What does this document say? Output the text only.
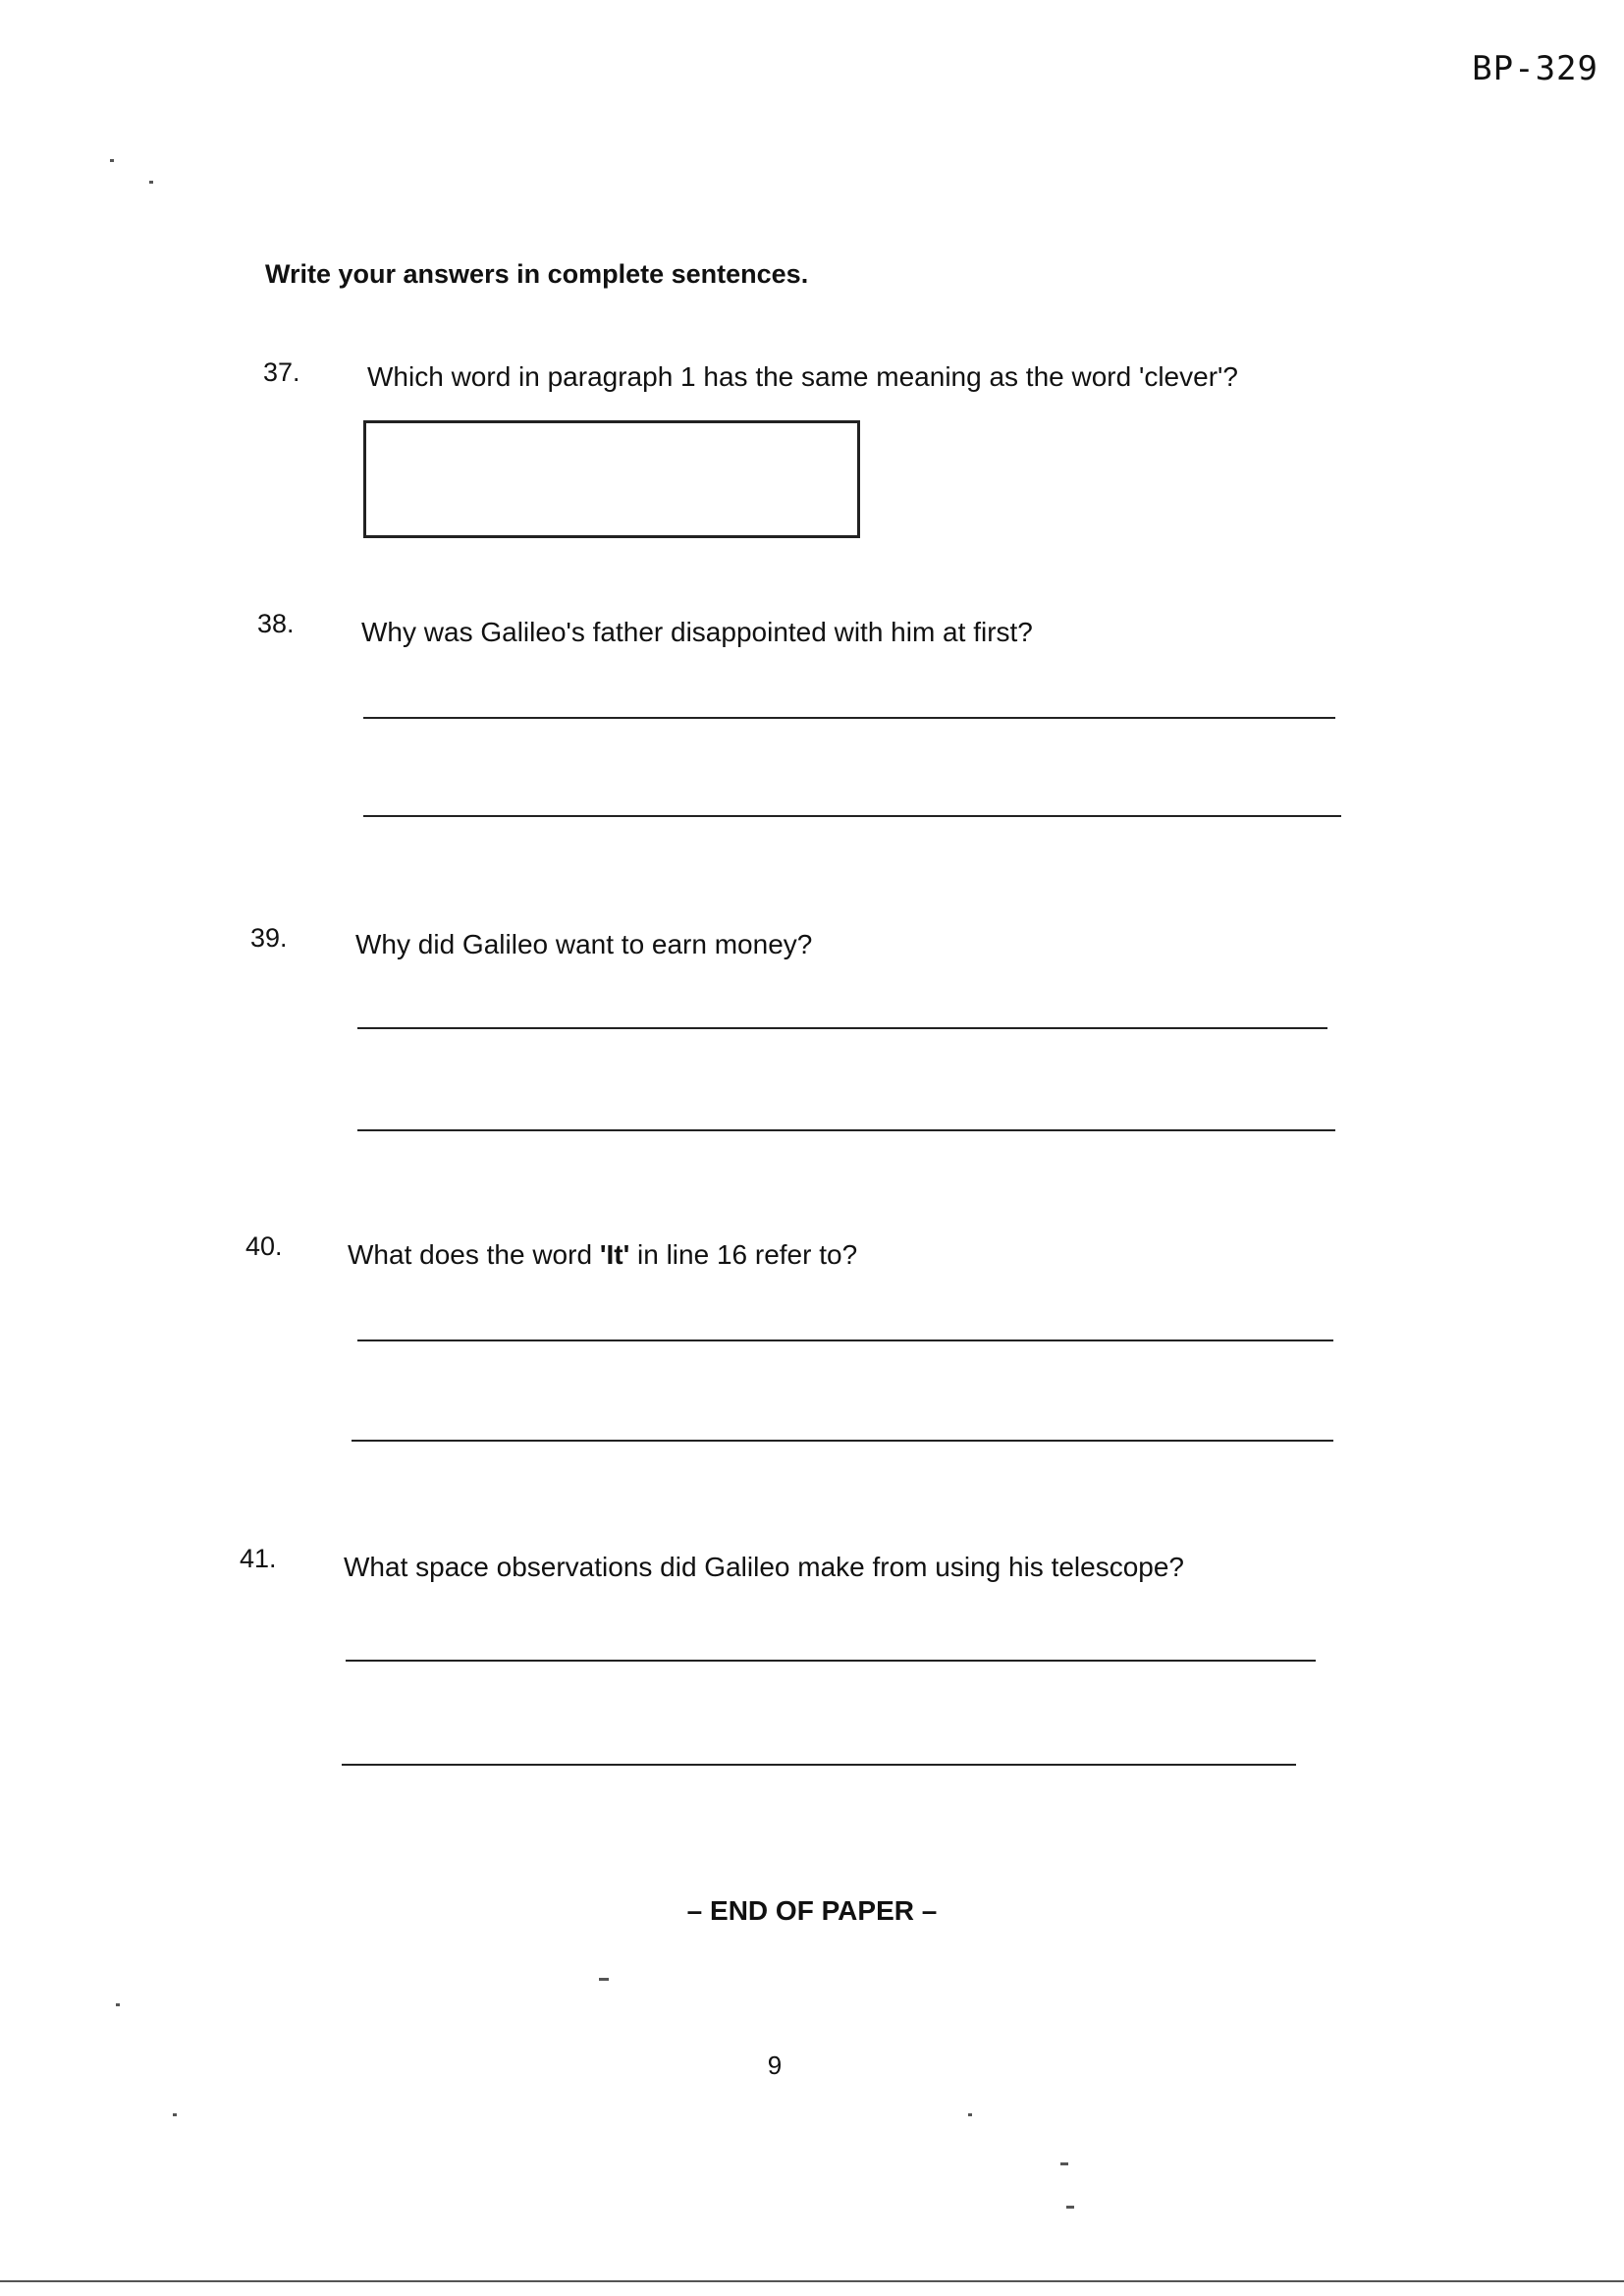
BP-329
Write your answers in complete sentences.
37. Which word in paragraph 1 has the same meaning as the word 'clever'?
38. Why was Galileo's father disappointed with him at first?
39. Why did Galileo want to earn money?
40. What does the word 'It' in line 16 refer to?
41. What space observations did Galileo make from using his telescope?
– END OF PAPER –
9
